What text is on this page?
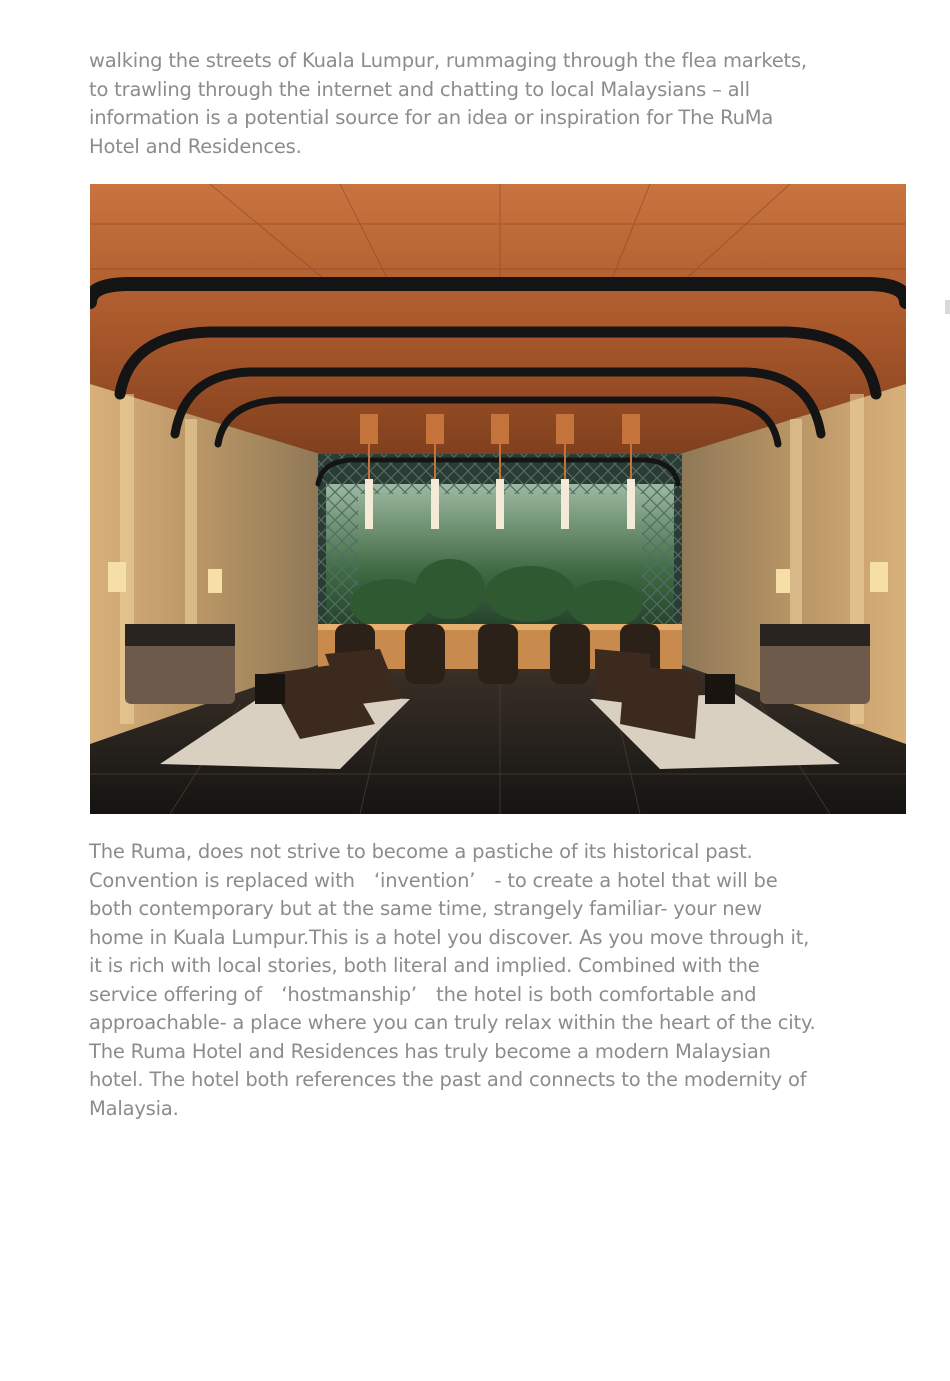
walking the streets of Kuala Lumpur, rummaging through the flea markets,
to trawling through the internet and chatting to local Malaysians – all
information is a potential source for an idea or inspiration for The RuMa
Hotel and Residences.
The Ruma, does not strive to become a pastiche of its historical past.
Convention is replaced with　‘invention’　- to create a hotel that will be
both contemporary but at the same time, strangely familiar- your new
home in Kuala Lumpur.This is a hotel you discover. As you move through it,
it is rich with local stories, both literal and implied. Combined with the
service offering of　‘hostmanship’　the hotel is both comfortable and
approachable- a place where you can truly relax within the heart of the city.
The Ruma Hotel and Residences has truly become a modern Malaysian
hotel. The hotel both references the past and connects to the modernity of
Malaysia.
